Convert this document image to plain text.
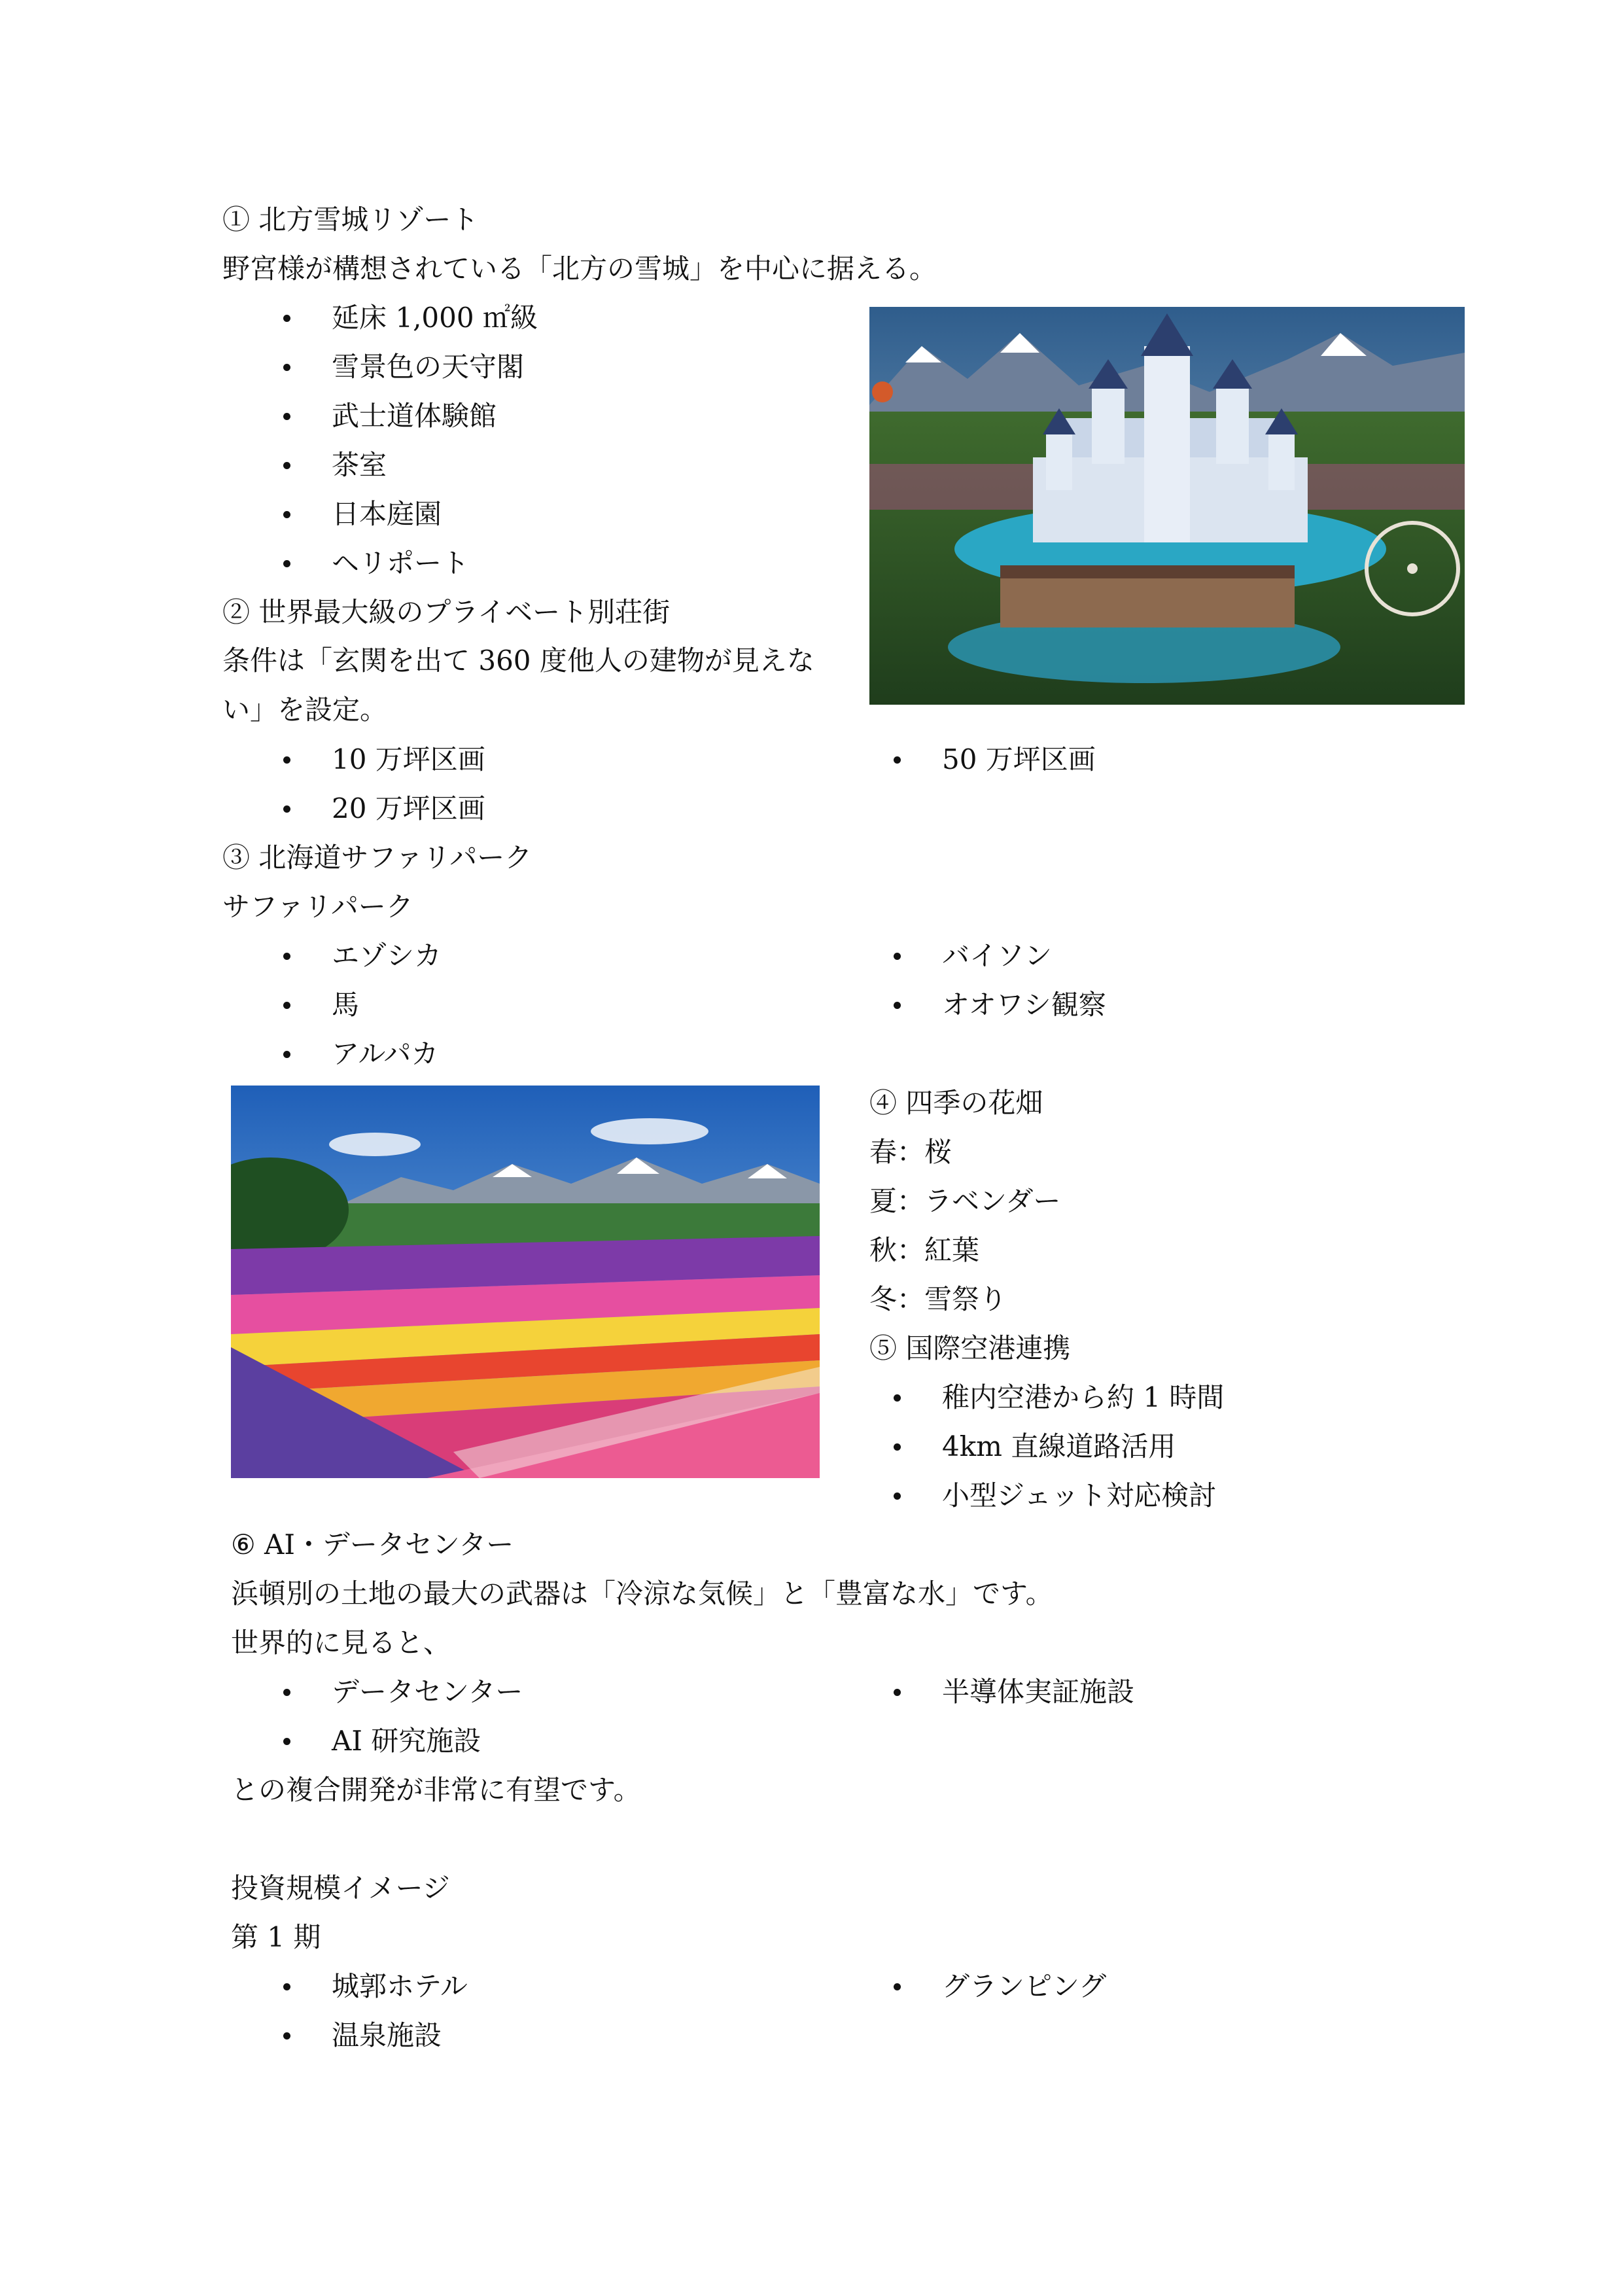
① 北方雪城リゾート

野宮様が構想されている「北方の雪城」を中心に据える。

延床 1,000 ㎡級
雪景色の天守閣
武士道体験館
茶室
日本庭園
ヘリポート

② 世界最大級のプライベート別荘街

条件は「玄関を出て 360 度他人の建物が見えない」を設定。

10 万坪区画
20 万坪区画
50 万坪区画

③ 北海道サファリパーク

サファリパーク

エゾシカ
馬
アルパカ
バイソン
オオワシ観察

④ 四季の花畑

春：桜

夏：ラベンダー

秋：紅葉

冬：雪祭り

⑤ 国際空港連携

稚内空港から約 1 時間
4km 直線道路活用
小型ジェット対応検討

⑥ AI・データセンター

浜頓別の土地の最大の武器は「冷涼な気候」と「豊富な水」です。

世界的に見ると、

データセンター
AI 研究施設
半導体実証施設

との複合開発が非常に有望です。

投資規模イメージ

第 1 期

城郭ホテル
温泉施設
グランピング
